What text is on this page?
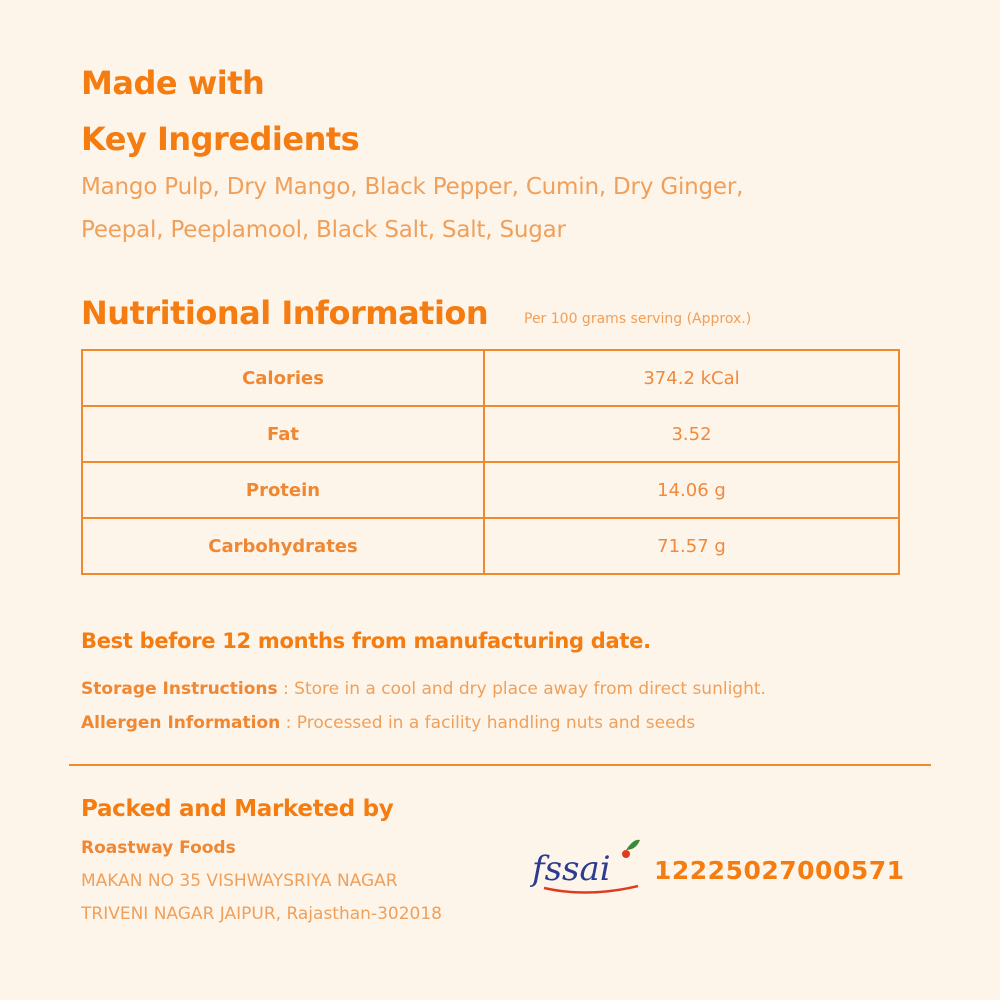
Made with
Key Ingredients
Mango Pulp, Dry Mango, Black Pepper, Cumin, Dry Ginger,
Peepal, Peeplamool, Black Salt, Salt, Sugar
Nutritional Information	Per 100 grams serving (Approx.)
Calories	374.2 kCal
Fat	3.52
Protein	14.06 g
Carbohydrates	71.57 g
Best before 12 months from manufacturing date.
Storage Instructions : Store in a cool and dry place away from direct sunlight.
Allergen Information : Processed in a facility handling nuts and seeds
Packed and Marketed by
Roastway Foods
MAKAN NO 35 VISHWAYSRIYA NAGAR
TRIVENI NAGAR JAIPUR, Rajasthan-302018
fssai 12225027000571
